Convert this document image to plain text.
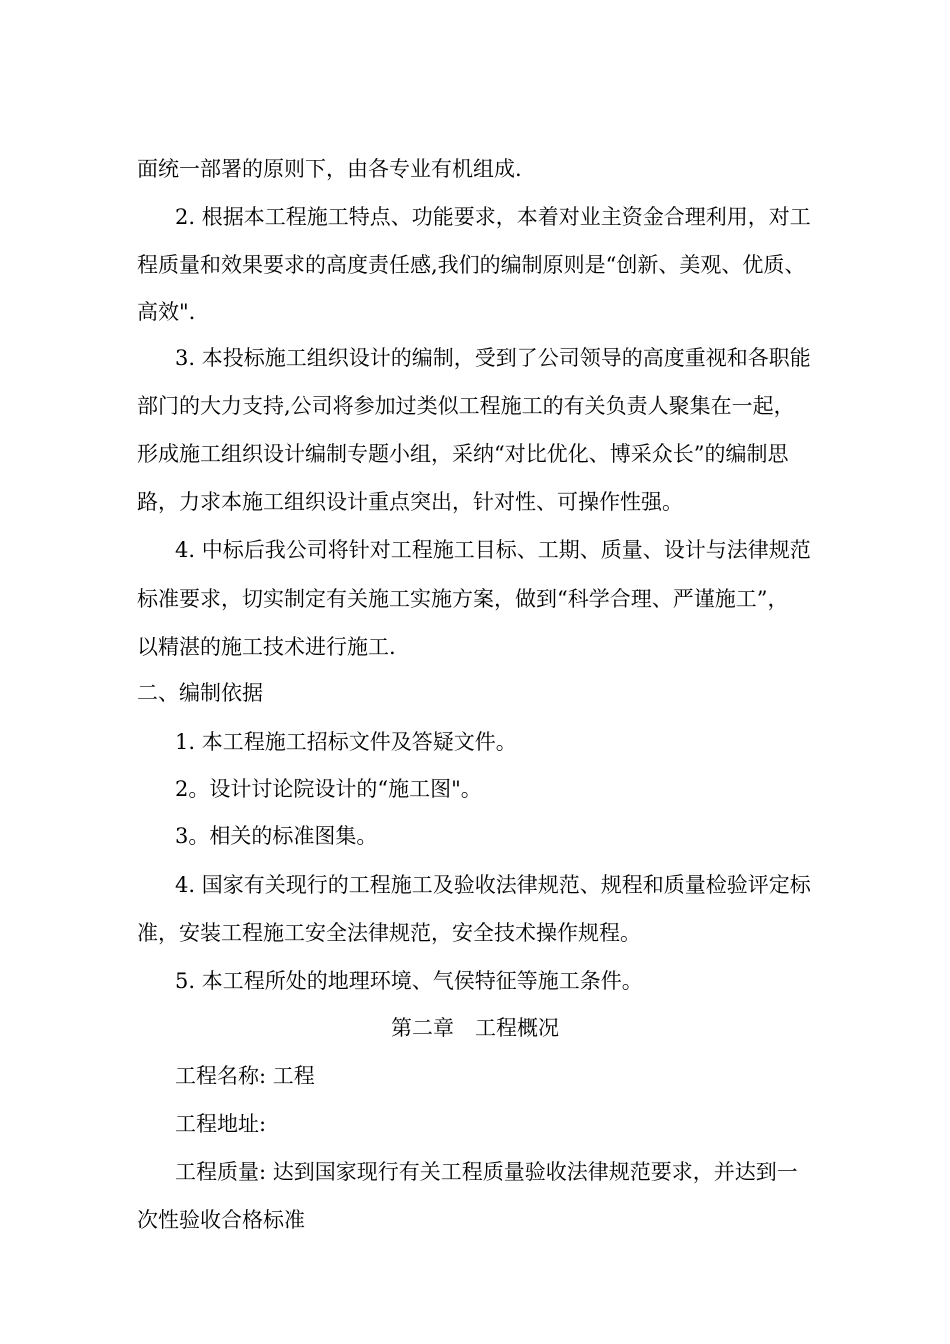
面统一部署的原则下，由各专业有机组成.
2. 根据本工程施工特点、功能要求，本着对业主资金合理利用，对工
程质量和效果要求的高度责任感,我们的编制原则是“创新、美观、优质、
高效".
3. 本投标施工组织设计的编制，受到了公司领导的高度重视和各职能
部门的大力支持,公司将参加过类似工程施工的有关负责人聚集在一起，
形成施工组织设计编制专题小组，采纳“对比优化、博采众长”的编制思
路，力求本施工组织设计重点突出，针对性、可操作性强。
4. 中标后我公司将针对工程施工目标、工期、质量、设计与法律规范
标准要求，切实制定有关施工实施方案，做到“科学合理、严谨施工”，
以精湛的施工技术进行施工.
二、编制依据
1. 本工程施工招标文件及答疑文件。
2。设计讨论院设计的“施工图"。
3。相关的标准图集。
4. 国家有关现行的工程施工及验收法律规范、规程和质量检验评定标
准，安装工程施工安全法律规范，安全技术操作规程。
5. 本工程所处的地理环境、气侯特征等施工条件。
第二章　工程概况
工程名称: 工程
工程地址:
工程质量: 达到国家现行有关工程质量验收法律规范要求，并达到一
次性验收合格标准
